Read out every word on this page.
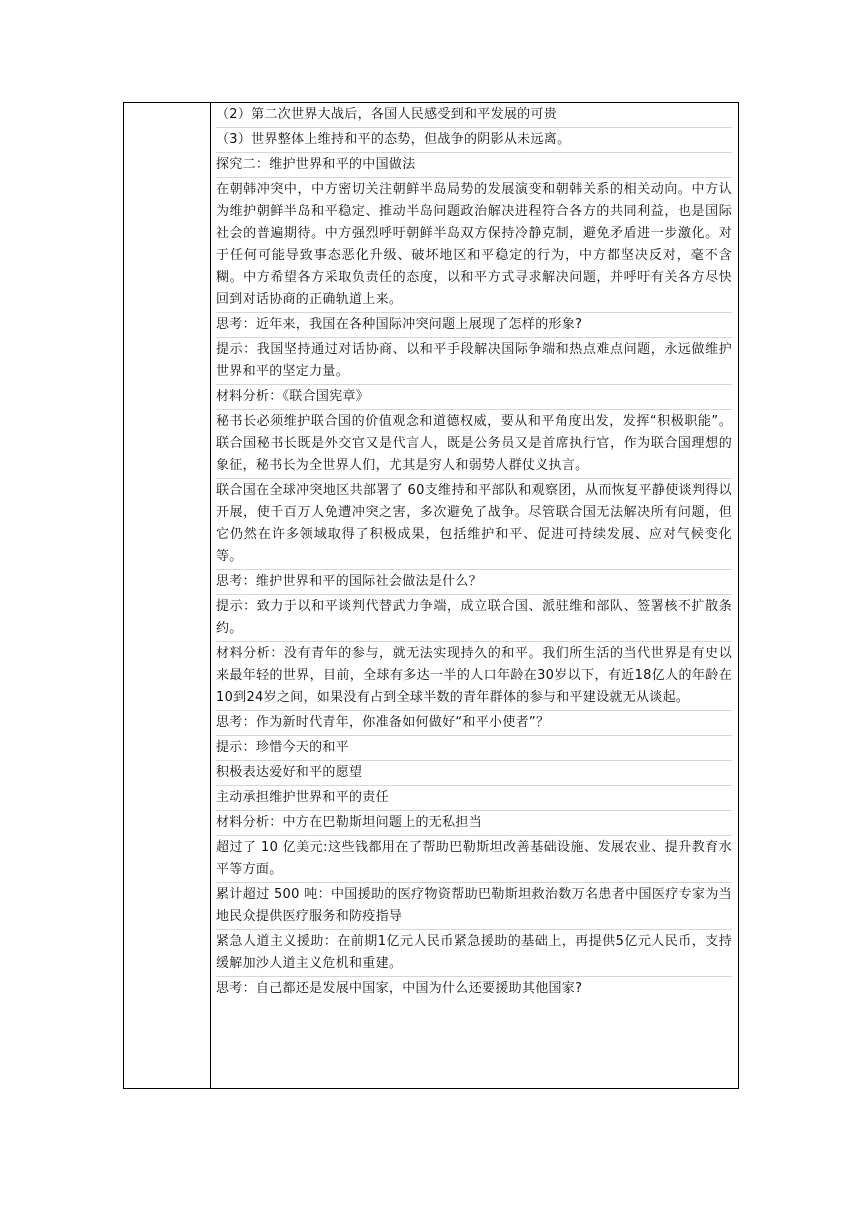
（2）第二次世界大战后，各国人民感受到和平发展的可贵

（3）世界整体上维持和平的态势，但战争的阴影从未远离。

探究二：维护世界和平的中国做法

在朝韩冲突中，中方密切关注朝鲜半岛局势的发展演变和朝韩关系的相关动向。中方认为维护朝鲜半岛和平稳定、推动半岛问题政治解决进程符合各方的共同利益，也是国际社会的普遍期待。中方强烈呼吁朝鲜半岛双方保持冷静克制，避免矛盾进一步激化。对于任何可能导致事态恶化升级、破坏地区和平稳定的行为，中方都坚决反对，毫不含糊。中方希望各方采取负责任的态度，以和平方式寻求解决问题，并呼吁有关各方尽快回到对话协商的正确轨道上来。

思考：近年来，我国在各种国际冲突问题上展现了怎样的形象?

提示：我国坚持通过对话协商、以和平手段解决国际争端和热点难点问题，永远做维护世界和平的坚定力量。

材料分析：《联合国宪章》

秘书长必须维护联合国的价值观念和道德权威，要从和平角度出发，发挥“积极职能”。联合国秘书长既是外交官又是代言人，既是公务员又是首席执行官，作为联合国理想的象征，秘书长为全世界人们，尤其是穷人和弱势人群仗义执言。

联合国在全球冲突地区共部署了 60支维持和平部队和观察团，从而恢复平静使谈判得以开展，使千百万人免遭冲突之害，多次避免了战争。尽管联合国无法解决所有问题，但它仍然在许多领域取得了积极成果，包括维护和平、促进可持续发展、应对气候变化等。

思考：维护世界和平的国际社会做法是什么？

提示：致力于以和平谈判代替武力争端，成立联合国、派驻维和部队、签署核不扩散条约。

材料分析：没有青年的参与，就无法实现持久的和平。我们所生活的当代世界是有史以来最年轻的世界，目前，全球有多达一半的人口年龄在30岁以下，有近18亿人的年龄在10到24岁之间，如果没有占到全球半数的青年群体的参与和平建设就无从谈起。

思考：作为新时代青年，你准备如何做好“和平小使者”？

提示：珍惜今天的和平

积极表达爱好和平的愿望

主动承担维护世界和平的责任

材料分析：中方在巴勒斯坦问题上的无私担当

超过了 10 亿美元:这些钱都用在了帮助巴勒斯坦改善基础设施、发展农业、提升教育水平等方面。

累计超过 500 吨：中国援助的医疗物资帮助巴勒斯坦救治数万名患者中国医疗专家为当地民众提供医疗服务和防疫指导

紧急人道主义援助：在前期1亿元人民币紧急援助的基础上，再提供5亿元人民币，支持缓解加沙人道主义危机和重建。

思考：自己都还是发展中国家，中国为什么还要援助其他国家?
